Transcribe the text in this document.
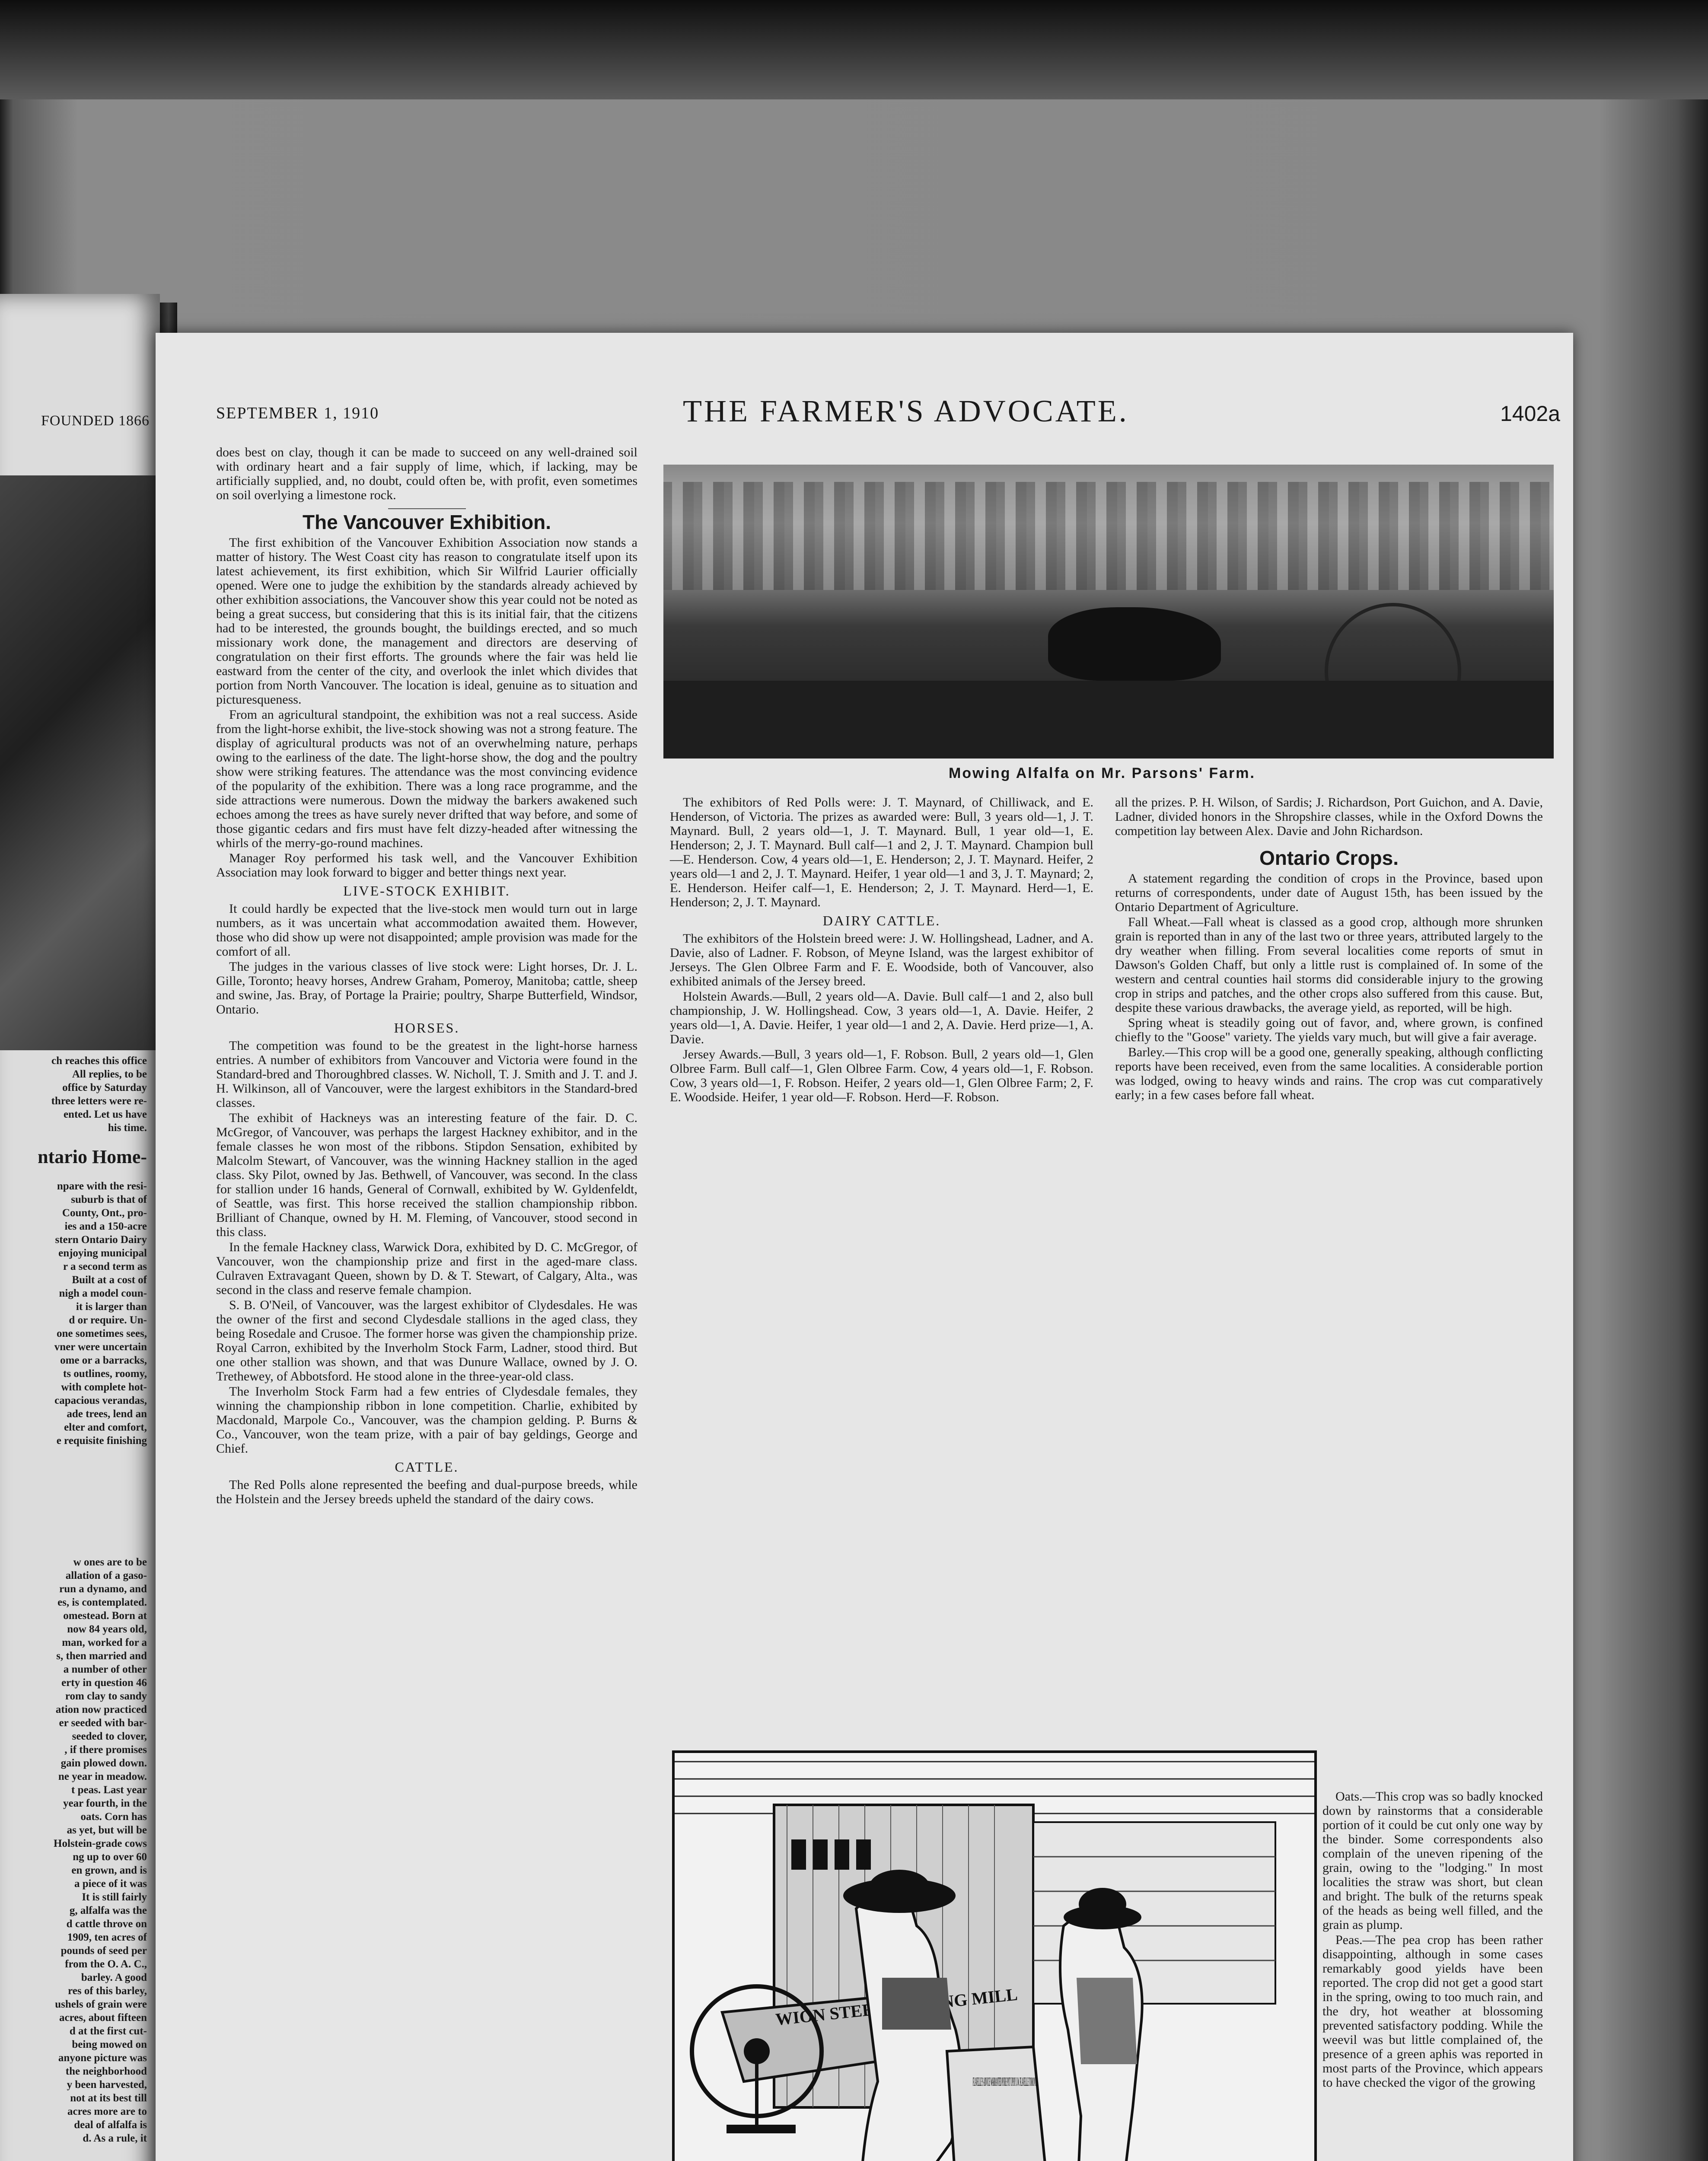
FOUNDED 1866
ch reaches this office
All replies, to be
office by Saturday
three letters were re-
ented. Let us have
his time.
ntario Home-
npare with the resi-
suburb is that of
County, Ont., pro-
ies and a 150-acre
stern Ontario Dairy
enjoying municipal
r a second term as
Built at a cost of
nigh a model coun-
it is larger than
d or require. Un-
one sometimes sees,
vner were uncertain
ome or a barracks,
ts outlines, roomy,
with complete hot-
capacious verandas,
ade trees, lend an
elter and comfort,
e requisite finishing
w ones are to be
allation of a gaso-
run a dynamo, and
es, is contemplated.
omestead. Born at
now 84 years old,
man, worked for a
s, then married and
a number of other
erty in question 46
rom clay to sandy
ation now practiced
er seeded with bar-
seeded to clover,
, if there promises
gain plowed down.
ne year in meadow.
t peas. Last year
year fourth, in the
oats. Corn has
as yet, but will be
Holstein-grade cows
ng up to over 60
en grown, and is
a piece of it was
It is still fairly
g, alfalfa was the
d cattle throve on
1909, ten acres of
pounds of seed per
from the O. A. C.,
barley. A good
res of this barley,
ushels of grain were
acres, about fifteen
d at the first cut-
being mowed on
anyone picture was
the neighborhood
y been harvested,
not at its best till
acres more are to
deal of alfalfa is
d. As a rule, it
SEPTEMBER 1, 1910	THE FARMER'S ADVOCATE.	1402a

does best on clay, though it can be made to succeed on any well-drained soil with ordinary heart and a fair supply of lime, which, if lacking, may be artificially supplied, and, no doubt, could often be, with profit, even sometimes on soil overlying a limestone rock.

The Vancouver Exhibition.

The first exhibition of the Vancouver Exhibition Association now stands a matter of history. The West Coast city has reason to congratulate itself upon its latest achievement, its first exhibition, which Sir Wilfrid Laurier officially opened. Were one to judge the exhibition by the standards already achieved by other exhibition associations, the Vancouver show this year could not be noted as being a great success, but considering that this is its initial fair, that the citizens had to be interested, the grounds bought, the buildings erected, and so much missionary work done, the management and directors are deserving of congratulation on their first efforts. The grounds where the fair was held lie eastward from the center of the city, and overlook the inlet which divides that portion from North Vancouver. The location is ideal, genuine as to situation and picturesqueness.

From an agricultural standpoint, the exhibition was not a real success. Aside from the light-horse exhibit, the live-stock showing was not a strong feature. The display of agricultural products was not of an overwhelming nature, perhaps owing to the earliness of the date. The light-horse show, the dog and the poultry show were striking features. The attendance was the most convincing evidence of the popularity of the exhibition. There was a long race programme, and the side attractions were numerous. Down the midway the barkers awakened such echoes among the trees as have surely never drifted that way before, and some of those gigantic cedars and firs must have felt dizzy-headed after witnessing the whirls of the merry-go-round machines.

Manager Roy performed his task well, and the Vancouver Exhibition Association may look forward to bigger and better things next year.

LIVE-STOCK EXHIBIT.

It could hardly be expected that the live-stock men would turn out in large numbers, as it was uncertain what accommodation awaited them. However, those who did show up were not disappointed; ample provision was made for the comfort of all.

The judges in the various classes of live stock were: Light horses, Dr. J. L. Gille, Toronto; heavy horses, Andrew Graham, Pomeroy, Manitoba; cattle, sheep and swine, Jas. Bray, of Portage la Prairie; poultry, Sharpe Butterfield, Windsor, Ontario.

HORSES.

The competition was found to be the greatest in the light-horse harness entries. A number of exhibitors from Vancouver and Victoria were found in the Standard-bred and Thoroughbred classes. W. Nicholl, T. J. Smith and J. T. and J. H. Wilkinson, all of Vancouver, were the largest exhibitors in the Standard-bred classes.

The exhibit of Hackneys was an interesting feature of the fair. D. C. McGregor, of Vancouver, was perhaps the largest Hackney exhibitor, and in the female classes he won most of the ribbons. Stipdon Sensation, exhibited by Malcolm Stewart, of Vancouver, was the winning Hackney stallion in the aged class. Sky Pilot, owned by Jas. Bethwell, of Vancouver, was second. In the class for stallion under 16 hands, General of Cornwall, exhibited by W. Gyldenfeldt, of Seattle, was first. This horse received the stallion championship ribbon. Brilliant of Chanque, owned by H. M. Fleming, of Vancouver, stood second in this class.

In the female Hackney class, Warwick Dora, exhibited by D. C. McGregor, of Vancouver, won the championship prize and first in the aged-mare class. Culraven Extravagant Queen, shown by D. & T. Stewart, of Calgary, Alta., was second in the class and reserve female champion.

S. B. O'Neil, of Vancouver, was the largest exhibitor of Clydesdales. He was the owner of the first and second Clydesdale stallions in the aged class, they being Rosedale and Crusoe. The former horse was given the championship prize. Royal Carron, exhibited by the Inverholm Stock Farm, Ladner, stood third. But one other stallion was shown, and that was Dunure Wallace, owned by J. O. Trethewey, of Abbotsford. He stood alone in the three-year-old class.

The Inverholm Stock Farm had a few entries of Clydesdale females, they winning the championship ribbon in lone competition. Charlie, exhibited by Macdonald, Marpole Co., Vancouver, was the champion gelding. P. Burns & Co., Vancouver, won the team prize, with a pair of bay geldings, George and Chief.

CATTLE.

The Red Polls alone represented the beefing and dual-purpose breeds, while the Holstein and the Jersey breeds upheld the standard of the dairy cows.

Mowing Alfalfa on Mr. Parsons' Farm.

The exhibitors of Red Polls were: J. T. Maynard, of Chilliwack, and E. Henderson, of Victoria. The prizes as awarded were: Bull, 3 years old—1, J. T. Maynard. Bull, 2 years old—1, J. T. Maynard. Bull, 1 year old—1, E. Henderson; 2, J. T. Maynard. Bull calf—1 and 2, J. T. Maynard. Champion bull—E. Henderson. Cow, 4 years old—1, E. Henderson; 2, J. T. Maynard. Heifer, 2 years old—1 and 2, J. T. Maynard. Heifer, 1 year old—1 and 3, J. T. Maynard; 2, E. Henderson. Heifer calf—1, E. Henderson; 2, J. T. Maynard. Herd—1, E. Henderson; 2, J. T. Maynard.

DAIRY CATTLE.

The exhibitors of the Holstein breed were: J. W. Hollingshead, Ladner, and A. Davie, also of Ladner. F. Robson, of Meyne Island, was the largest exhibitor of Jerseys. The Glen Olbree Farm and F. E. Woodside, both of Vancouver, also exhibited animals of the Jersey breed.

Holstein Awards.—Bull, 2 years old—A. Davie. Bull calf—1 and 2, also bull championship, J. W. Hollingshead. Cow, 3 years old—1, A. Davie. Heifer, 2 years old—1, A. Davie. Heifer, 1 year old—1 and 2, A. Davie. Herd prize—1, A. Davie.

Jersey Awards.—Bull, 3 years old—1, F. Robson. Bull, 2 years old—1, Glen Olbree Farm. Bull calf—1, Glen Olbree Farm. Cow, 4 years old—1, F. Robson. Cow, 3 years old—1, F. Robson. Heifer, 2 years old—1, Glen Olbree Farm; 2, F. E. Woodside. Heifer, 1 year old—F. Robson. Herd—F. Robson.

all the prizes. P. H. Wilson, of Sardis; J. Richardson, Port Guichon, and A. Davie, Ladner, divided honors in the Shropshire classes, while in the Oxford Downs the competition lay between Alex. Davie and John Richardson.

Ontario Crops.

A statement regarding the condition of crops in the Province, based upon returns of correspondents, under date of August 15th, has been issued by the Ontario Department of Agriculture.

Fall Wheat.—Fall wheat is classed as a good crop, although more shrunken grain is reported than in any of the last two or three years, attributed largely to the dry weather when filling. From several localities come reports of smut in Dawson's Golden Chaff, but only a little rust is complained of. In some of the western and central counties hail storms did considerable injury to the growing crop in strips and patches, and the other crops also suffered from this cause. But, despite these various drawbacks, the average yield, as reported, will be high.

Spring wheat is steadily going out of favor, and, where grown, is confined chiefly to the "Goose" variety. The yields vary much, but will give a fair average.

Barley.—This crop will be a good one, generally speaking, although conflicting reports have been received, even from the same localities. A considerable portion was lodged, owing to heavy winds and rains. The crop was cut comparatively early; in a few cases before fall wheat.

WION STEEL MILL
FLAVELLE'S ADVICE WARRANTED PURE PUT UP BY J.W. FLAVELLE TORONTO

Oats.—This crop was so badly knocked down by rainstorms that a considerable portion of it could be cut only one way by the binder. Some correspondents also complain of the uneven ripening of the grain, owing to the "lodging." In most localities the straw was short, but clean and bright. The bulk of the returns speak of the heads as being well filled, and the grain as plump.

Peas.—The pea crop has been rather disappointing, although in some cases remarkably good yields have been reported. The crop did not get a good start in the spring, owing to too much rain, and the dry, hot weather at blossoming prevented satisfactory podding. While the weevil was but little complained of, the presence of a green aphis was reported in most parts of the Province, which appears to have checked the vigor of the growing
